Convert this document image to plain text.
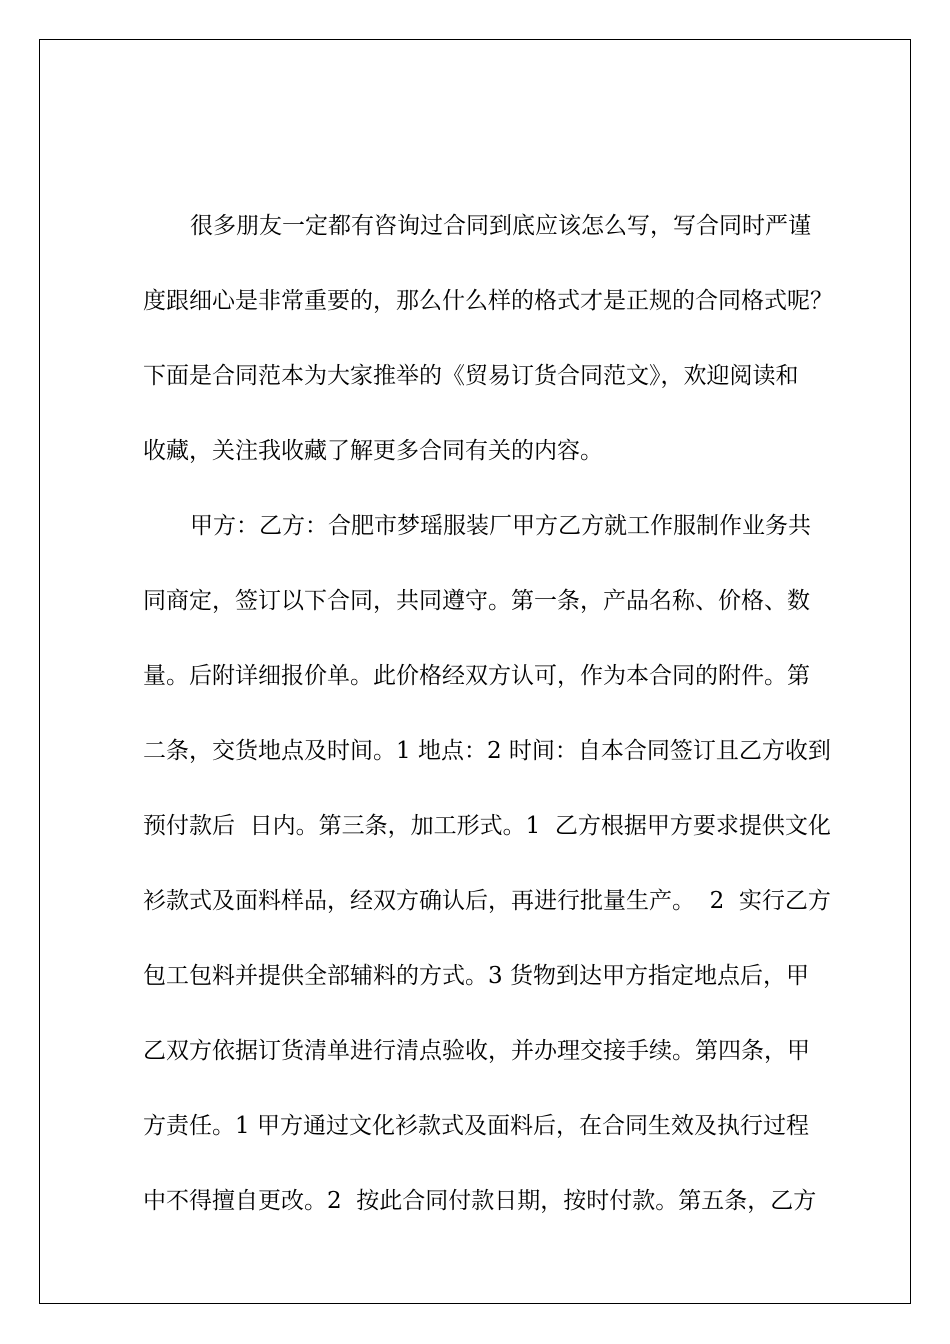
很多朋友一定都有咨询过合同到底应该怎么写，写合同时严谨
度跟细心是非常重要的，那么什么样的格式才是正规的合同格式呢？
下面是合同范本为大家推举的《贸易订货合同范文》，欢迎阅读和
收藏，关注我收藏了解更多合同有关的内容。
甲方：乙方：合肥市梦瑶服装厂甲方乙方就工作服制作业务共
同商定，签订以下合同，共同遵守。第一条，产品名称、价格、数
量。后附详细报价单。此价格经双方认可，作为本合同的附件。第
二条，交货地点及时间。1 地点：2 时间：自本合同签订且乙方收到
预付款后  日内。第三条，加工形式。1  乙方根据甲方要求提供文化
衫款式及面料样品，经双方确认后，再进行批量生产。  2  实行乙方
包工包料并提供全部辅料的方式。3 货物到达甲方指定地点后，甲
乙双方依据订货清单进行清点验收，并办理交接手续。第四条，甲
方责任。1 甲方通过文化衫款式及面料后，在合同生效及执行过程
中不得擅自更改。2  按此合同付款日期，按时付款。第五条，乙方
